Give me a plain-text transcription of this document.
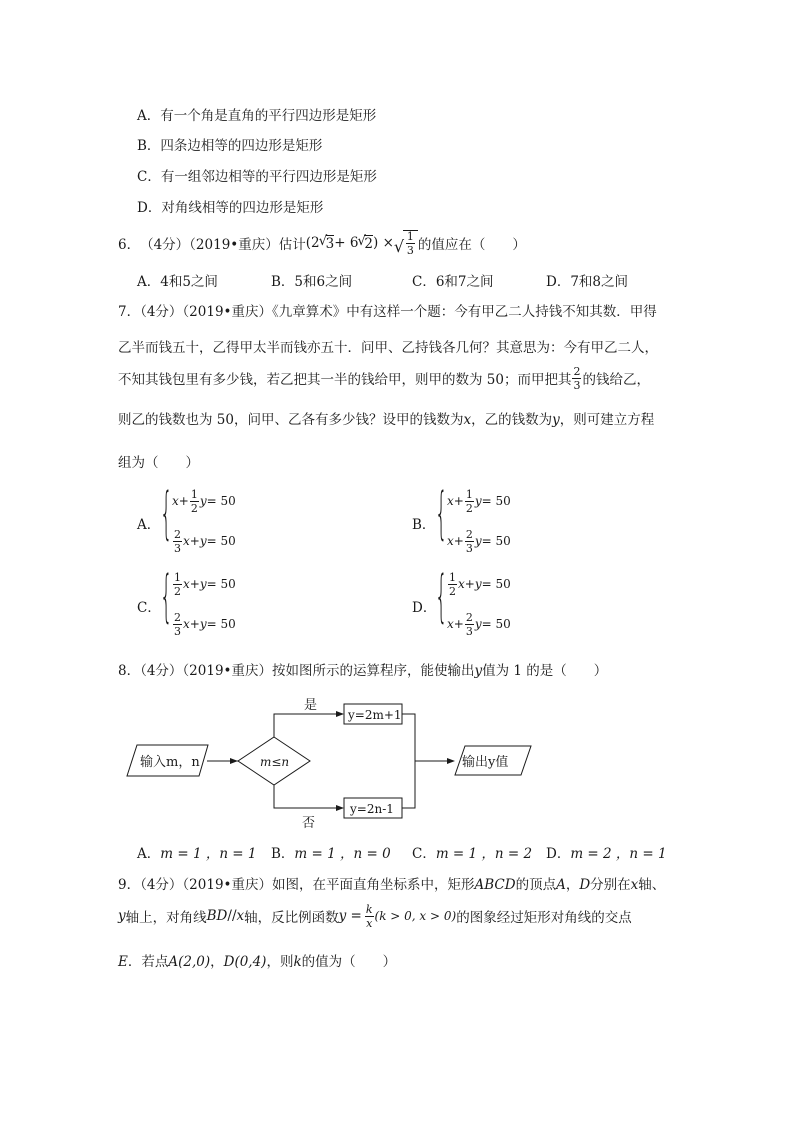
A．有一个角是直角的平行四边形是矩形
B．四条边相等的四边形是矩形
C．有一组邻边相等的平行四边形是矩形
D．对角线相等的四边形是矩形
6． （4分）（2019•重庆）估计 (2 √
3 + 6 √
2 ) × √ $\frac{1}{3}$ 的值应在（　　）
A．4和5之间	B．5和6之间	C．6和7之间	D．7和8之间
7．（4分）（2019•重庆）《九章算术》中有这样一个题：今有甲乙二人持钱不知其数．甲得
乙半而钱五十，乙得甲太半而钱亦五十．问甲、乙持钱各几何？其意思为：今有甲乙二人，
不知其钱包里有多少钱，若乙把其一半的钱给甲，则甲的数为 50；而甲把其 $\frac{2}{3}$ 的钱给乙，
则乙的钱数也为 50，问甲、乙各有多少钱？设甲的钱数为x，乙的钱数为y，则可建立方程
组为（　　）
A． { $x + \frac{1}{2}$ y = 50
$\frac{2}{3}$ x + y = 50
B． { $x + \frac{1}{2}$ y = 50
$x + \frac{2}{3}$ y = 50
C． { $\frac{1}{2}$ x + y = 50
$\frac{2}{3}$ x + y = 50
D．
{ $\frac{1}{2}$ x + y = 50
$x + \frac{2}{3}$ y = 50
8．（4分）（2019•重庆）按如图所示的运算程序，能使输出y值为 1 的是（　　）
输入m，n	m≤n
是
否
y=2m+1
y=2n-1
输出y值
A．m = 1 ，n = 1 B．m = 1 ，n = 0 C．m = 1 ，n = 2 D．m = 2 ，n = 1
9．（4分）（2019•重庆）如图，在平面直角坐标系中，矩形ABCD的顶点A，D分别在x轴、
y 轴上，对角线 BD // x 轴，反比例函数 $y = \frac{k}{x} (k > 0$, x > 0) 的图象经过矩形对角线的交点
E．若点A(2,0)，D(0,4)，则k的值为（　　）
